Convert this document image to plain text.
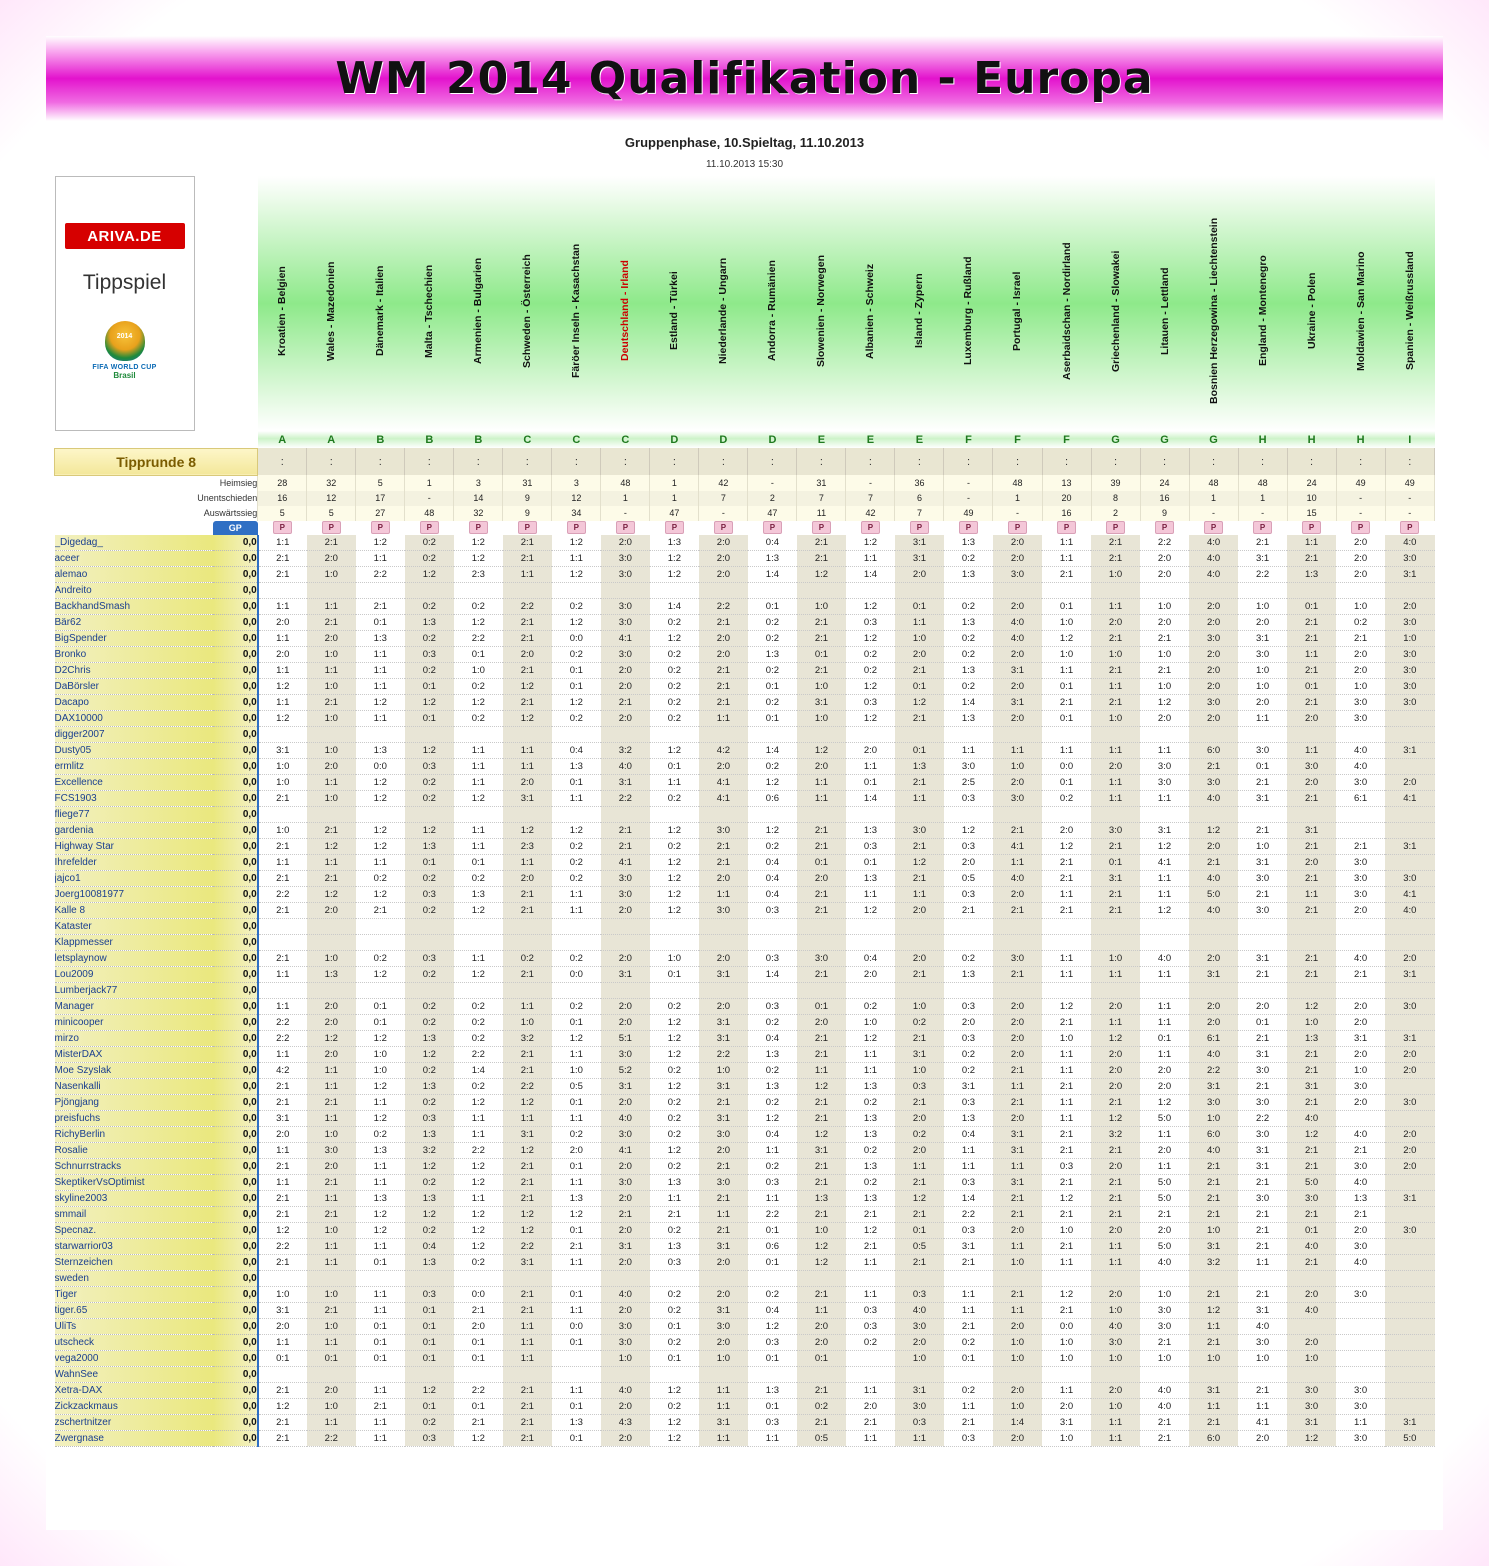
WM 2014 Qualifikation - Europa
Gruppenphase, 10.Spieltag, 11.10.2013
11.10.2013 15:30
ARIVA.DE
Tippspiel
2014
FIFA WORLD CUP
Brasil		Kroatien - Belgien	Wales - Mazedonien	Dänemark - Italien	Malta - Tschechien	Armenien - Bulgarien	Schweden - Österreich	Färöer Inseln - Kasachstan	Deutschland - Irland	Estland - Türkei	Niederlande - Ungarn	Andorra - Rumänien	Slowenien - Norwegen	Albanien - Schweiz	Island - Zypern	Luxemburg - Rußland	Portugal - Israel	Aserbaidschan - Nordirland	Griechenland - Slowakei	Litauen - Lettland	Bosnien Herzegowina - Liechtenstein	England - Montenegro	Ukraine - Polen	Moldawien - San Marino	Spanien - Weißrussland

		A	A	B	B	B	C	C	C	D	D	D	E	E	E	F	F	F	G	G	G	H	H	H	I
Tipprunde 8		:	:	:	:	:	:	:	:	:	:	:	:	:	:	:	:	:	:	:	:	:	:	:	:
Heimsieg		28	32	5	1	3	31	3	48	1	42	-	31	-	36	-	48	13	39	24	48	48	24	49	49
Unentschieden		16	12	17	-	14	9	12	1	1	7	2	7	7	6	-	1	20	8	16	1	1	10	-	-
Auswärtssieg		5	5	27	48	32	9	34	-	47	-	47	11	42	7	49	-	16	2	9	-	-	15	-	-
	GP	P	P	P	P	P	P	P	P	P	P	P	P	P	P	P	P	P	P	P	P	P	P	P	P
_Digedag_	0,0	1:1	2:1	1:2	0:2	1:2	2:1	1:2	2:0	1:3	2:0	0:4	2:1	1:2	3:1	1:3	2:0	1:1	2:1	2:2	4:0	2:1	1:1	2:0	4:0
aceer	0,0	2:1	2:0	1:1	0:2	1:2	2:1	1:1	3:0	1:2	2:0	1:3	2:1	1:1	3:1	0:2	2:0	1:1	2:1	2:0	4:0	3:1	2:1	2:0	3:0
alemao	0,0	2:1	1:0	2:2	1:2	2:3	1:1	1:2	3:0	1:2	2:0	1:4	1:2	1:4	2:0	1:3	3:0	2:1	1:0	2:0	4:0	2:2	1:3	2:0	3:1
Andreito	0,0																								
BackhandSmash	0,0	1:1	1:1	2:1	0:2	0:2	2:2	0:2	3:0	1:4	2:2	0:1	1:0	1:2	0:1	0:2	2:0	0:1	1:1	1:0	2:0	1:0	0:1	1:0	2:0
Bär62	0,0	2:0	2:1	0:1	1:3	1:2	2:1	1:2	3:0	0:2	2:1	0:2	2:1	0:3	1:1	1:3	4:0	1:0	2:0	2:0	2:0	2:0	2:1	0:2	3:0
BigSpender	0,0	1:1	2:0	1:3	0:2	2:2	2:1	0:0	4:1	1:2	2:0	0:2	2:1	1:2	1:0	0:2	4:0	1:2	2:1	2:1	3:0	3:1	2:1	2:1	1:0
Bronko	0,0	2:0	1:0	1:1	0:3	0:1	2:0	0:2	3:0	0:2	2:0	1:3	0:1	0:2	2:0	0:2	2:0	1:0	1:0	1:0	2:0	3:0	1:1	2:0	3:0
D2Chris	0,0	1:1	1:1	1:1	0:2	1:0	2:1	0:1	2:0	0:2	2:1	0:2	2:1	0:2	2:1	1:3	3:1	1:1	2:1	2:1	2:0	1:0	2:1	2:0	3:0
DaBörsler	0,0	1:2	1:0	1:1	0:1	0:2	1:2	0:1	2:0	0:2	2:1	0:1	1:0	1:2	0:1	0:2	2:0	0:1	1:1	1:0	2:0	1:0	0:1	1:0	3:0
Dacapo	0,0	1:1	2:1	1:2	1:2	1:2	2:1	1:2	2:1	0:2	2:1	0:2	3:1	0:3	1:2	1:4	3:1	2:1	2:1	1:2	3:0	2:0	2:1	3:0	3:0
DAX10000	0,0	1:2	1:0	1:1	0:1	0:2	1:2	0:2	2:0	0:2	1:1	0:1	1:0	1:2	2:1	1:3	2:0	0:1	1:0	2:0	2:0	1:1	2:0	3:0	
digger2007	0,0																								
Dusty05	0,0	3:1	1:0	1:3	1:2	1:1	1:1	0:4	3:2	1:2	4:2	1:4	1:2	2:0	0:1	1:1	1:1	1:1	1:1	1:1	6:0	3:0	1:1	4:0	3:1
ermlitz	0,0	1:0	2:0	0:0	0:3	1:1	1:1	1:3	4:0	0:1	2:0	0:2	2:0	1:1	1:3	3:0	1:0	0:0	2:0	3:0	2:1	0:1	3:0	4:0	
Excellence	0,0	1:0	1:1	1:2	0:2	1:1	2:0	0:1	3:1	1:1	4:1	1:2	1:1	0:1	2:1	2:5	2:0	0:1	1:1	3:0	3:0	2:1	2:0	3:0	2:0
FCS1903	0,0	2:1	1:0	1:2	0:2	1:2	3:1	1:1	2:2	0:2	4:1	0:6	1:1	1:4	1:1	0:3	3:0	0:2	1:1	1:1	4:0	3:1	2:1	6:1	4:1
fliege77	0,0																								
gardenia	0,0	1:0	2:1	1:2	1:2	1:1	1:2	1:2	2:1	1:2	3:0	1:2	2:1	1:3	3:0	1:2	2:1	2:0	3:0	3:1	1:2	2:1	3:1		
Highway Star	0,0	2:1	1:2	1:2	1:3	1:1	2:3	0:2	2:1	0:2	2:1	0:2	2:1	0:3	2:1	0:3	4:1	1:2	2:1	1:2	2:0	1:0	2:1	2:1	3:1
Ihrefelder	0,0	1:1	1:1	1:1	0:1	0:1	1:1	0:2	4:1	1:2	2:1	0:4	0:1	0:1	1:2	2:0	1:1	2:1	0:1	4:1	2:1	3:1	2:0	3:0	
jajco1	0,0	2:1	2:1	0:2	0:2	0:2	2:0	0:2	3:0	1:2	2:0	0:4	2:0	1:3	2:1	0:5	4:0	2:1	3:1	1:1	4:0	3:0	2:1	3:0	3:0
Joerg10081977	0,0	2:2	1:2	1:2	0:3	1:3	2:1	1:1	3:0	1:2	1:1	0:4	2:1	1:1	1:1	0:3	2:0	1:1	2:1	1:1	5:0	2:1	1:1	3:0	4:1
Kalle 8	0,0	2:1	2:0	2:1	0:2	1:2	2:1	1:1	2:0	1:2	3:0	0:3	2:1	1:2	2:0	2:1	2:1	2:1	2:1	1:2	4:0	3:0	2:1	2:0	4:0
Kataster	0,0																								
Klappmesser	0,0																								
letsplaynow	0,0	2:1	1:0	0:2	0:3	1:1	0:2	0:2	2:0	1:0	2:0	0:3	3:0	0:4	2:0	0:2	3:0	1:1	1:0	4:0	2:0	3:1	2:1	4:0	2:0
Lou2009	0,0	1:1	1:3	1:2	0:2	1:2	2:1	0:0	3:1	0:1	3:1	1:4	2:1	2:0	2:1	1:3	2:1	1:1	1:1	1:1	3:1	2:1	2:1	2:1	3:1
Lumberjack77	0,0																								
Manager	0,0	1:1	2:0	0:1	0:2	0:2	1:1	0:2	2:0	0:2	2:0	0:3	0:1	0:2	1:0	0:3	2:0	1:2	2:0	1:1	2:0	2:0	1:2	2:0	3:0
minicooper	0,0	2:2	2:0	0:1	0:2	0:2	1:0	0:1	2:0	1:2	3:1	0:2	2:0	1:0	0:2	2:0	2:0	2:1	1:1	1:1	2:0	0:1	1:0	2:0	
mirzo	0,0	2:2	1:2	1:2	1:3	0:2	3:2	1:2	5:1	1:2	3:1	0:4	2:1	1:2	2:1	0:3	2:0	1:0	1:2	0:1	6:1	2:1	1:3	3:1	3:1
MisterDAX	0,0	1:1	2:0	1:0	1:2	2:2	2:1	1:1	3:0	1:2	2:2	1:3	2:1	1:1	3:1	0:2	2:0	1:1	2:0	1:1	4:0	3:1	2:1	2:0	2:0
Moe Szyslak	0,0	4:2	1:1	1:0	0:2	1:4	2:1	1:0	5:2	0:2	1:0	0:2	1:1	1:1	1:0	0:2	2:1	1:1	2:0	2:0	2:2	3:0	2:1	1:0	2:0
Nasenkalli	0,0	2:1	1:1	1:2	1:3	0:2	2:2	0:5	3:1	1:2	3:1	1:3	1:2	1:3	0:3	3:1	1:1	2:1	2:0	2:0	3:1	2:1	3:1	3:0	
Pjöngjang	0,0	2:1	2:1	1:1	0:2	1:2	1:2	0:1	2:0	0:2	2:1	0:2	2:1	0:2	2:1	0:3	2:1	1:1	2:1	1:2	3:0	3:0	2:1	2:0	3:0
preisfuchs	0,0	3:1	1:1	1:2	0:3	1:1	1:1	1:1	4:0	0:2	3:1	1:2	2:1	1:3	2:0	1:3	2:0	1:1	1:2	5:0	1:0	2:2	4:0		
RichyBerlin	0,0	2:0	1:0	0:2	1:3	1:1	3:1	0:2	3:0	0:2	3:0	0:4	1:2	1:3	0:2	0:4	3:1	2:1	3:2	1:1	6:0	3:0	1:2	4:0	2:0
Rosalie	0,0	1:1	3:0	1:3	3:2	2:2	1:2	2:0	4:1	1:2	2:0	1:1	3:1	0:2	2:0	1:1	3:1	2:1	2:1	2:0	4:0	3:1	2:1	2:1	2:0
Schnurrstracks	0,0	2:1	2:0	1:1	1:2	1:2	2:1	0:1	2:0	0:2	2:1	0:2	2:1	1:3	1:1	1:1	1:1	0:3	2:0	1:1	2:1	3:1	2:1	3:0	2:0
SkeptikerVsOptimist	0,0	1:1	2:1	1:1	0:2	1:2	2:1	1:1	3:0	1:3	3:0	0:3	2:1	0:2	2:1	0:3	3:1	2:1	2:1	5:0	2:1	2:1	5:0	4:0	
skyline2003	0,0	2:1	1:1	1:3	1:3	1:1	2:1	1:3	2:0	1:1	2:1	1:1	1:3	1:3	1:2	1:4	2:1	1:2	2:1	5:0	2:1	3:0	3:0	1:3	3:1
smmail	0,0	2:1	2:1	1:2	1:2	1:2	1:2	1:2	2:1	2:1	1:1	2:2	2:1	2:1	2:1	2:2	2:1	2:1	2:1	2:1	2:1	2:1	2:1	2:1	
Specnaz.	0,0	1:2	1:0	1:2	0:2	1:2	1:2	0:1	2:0	0:2	2:1	0:1	1:0	1:2	0:1	0:3	2:0	1:0	2:0	2:0	1:0	2:1	0:1	2:0	3:0
starwarrior03	0,0	2:2	1:1	1:1	0:4	1:2	2:2	2:1	3:1	1:3	3:1	0:6	1:2	2:1	0:5	3:1	1:1	2:1	1:1	5:0	3:1	2:1	4:0	3:0	
Sternzeichen	0,0	2:1	1:1	0:1	1:3	0:2	3:1	1:1	2:0	0:3	2:0	0:1	1:2	1:1	2:1	2:1	1:0	1:1	1:1	4:0	3:2	1:1	2:1	4:0	
sweden	0,0																								
Tiger	0,0	1:0	1:0	1:1	0:3	0:0	2:1	0:1	4:0	0:2	2:0	0:2	2:1	1:1	0:3	1:1	2:1	1:2	2:0	1:0	2:1	2:1	2:0	3:0	
tiger.65	0,0	3:1	2:1	1:1	0:1	2:1	2:1	1:1	2:0	0:2	3:1	0:4	1:1	0:3	4:0	1:1	1:1	2:1	1:0	3:0	1:2	3:1	4:0		
UliTs	0,0	2:0	1:0	0:1	0:1	2:0	1:1	0:0	3:0	0:1	3:0	1:2	2:0	0:3	3:0	2:1	2:0	0:0	4:0	3:0	1:1	4:0			
utscheck	0,0	1:1	1:1	0:1	0:1	0:1	1:1	0:1	3:0	0:2	2:0	0:3	2:0	0:2	2:0	0:2	1:0	1:0	3:0	2:1	2:1	3:0	2:0		
vega2000	0,0	0:1	0:1	0:1	0:1	0:1	1:1		1:0	0:1	1:0	0:1	0:1		1:0	0:1	1:0	1:0	1:0	1:0	1:0	1:0	1:0		
WahnSee	0,0																								
Xetra-DAX	0,0	2:1	2:0	1:1	1:2	2:2	2:1	1:1	4:0	1:2	1:1	1:3	2:1	1:1	3:1	0:2	2:0	1:1	2:0	4:0	3:1	2:1	3:0	3:0	
Zickzackmaus	0,0	1:2	1:0	2:1	0:1	0:1	2:1	0:1	2:0	0:2	1:1	0:1	0:2	2:0	3:0	1:1	1:0	2:0	1:0	4:0	1:1	1:1	3:0	3:0	
zschertnitzer	0,0	2:1	1:1	1:1	0:2	2:1	2:1	1:3	4:3	1:2	3:1	0:3	2:1	2:1	0:3	2:1	1:4	3:1	1:1	2:1	2:1	4:1	3:1	1:1	3:1
Zwergnase	0,0	2:1	2:2	1:1	0:3	1:2	2:1	0:1	2:0	1:2	1:1	1:1	0:5	1:1	1:1	0:3	2:0	1:0	1:1	2:1	6:0	2:0	1:2	3:0	5:0
